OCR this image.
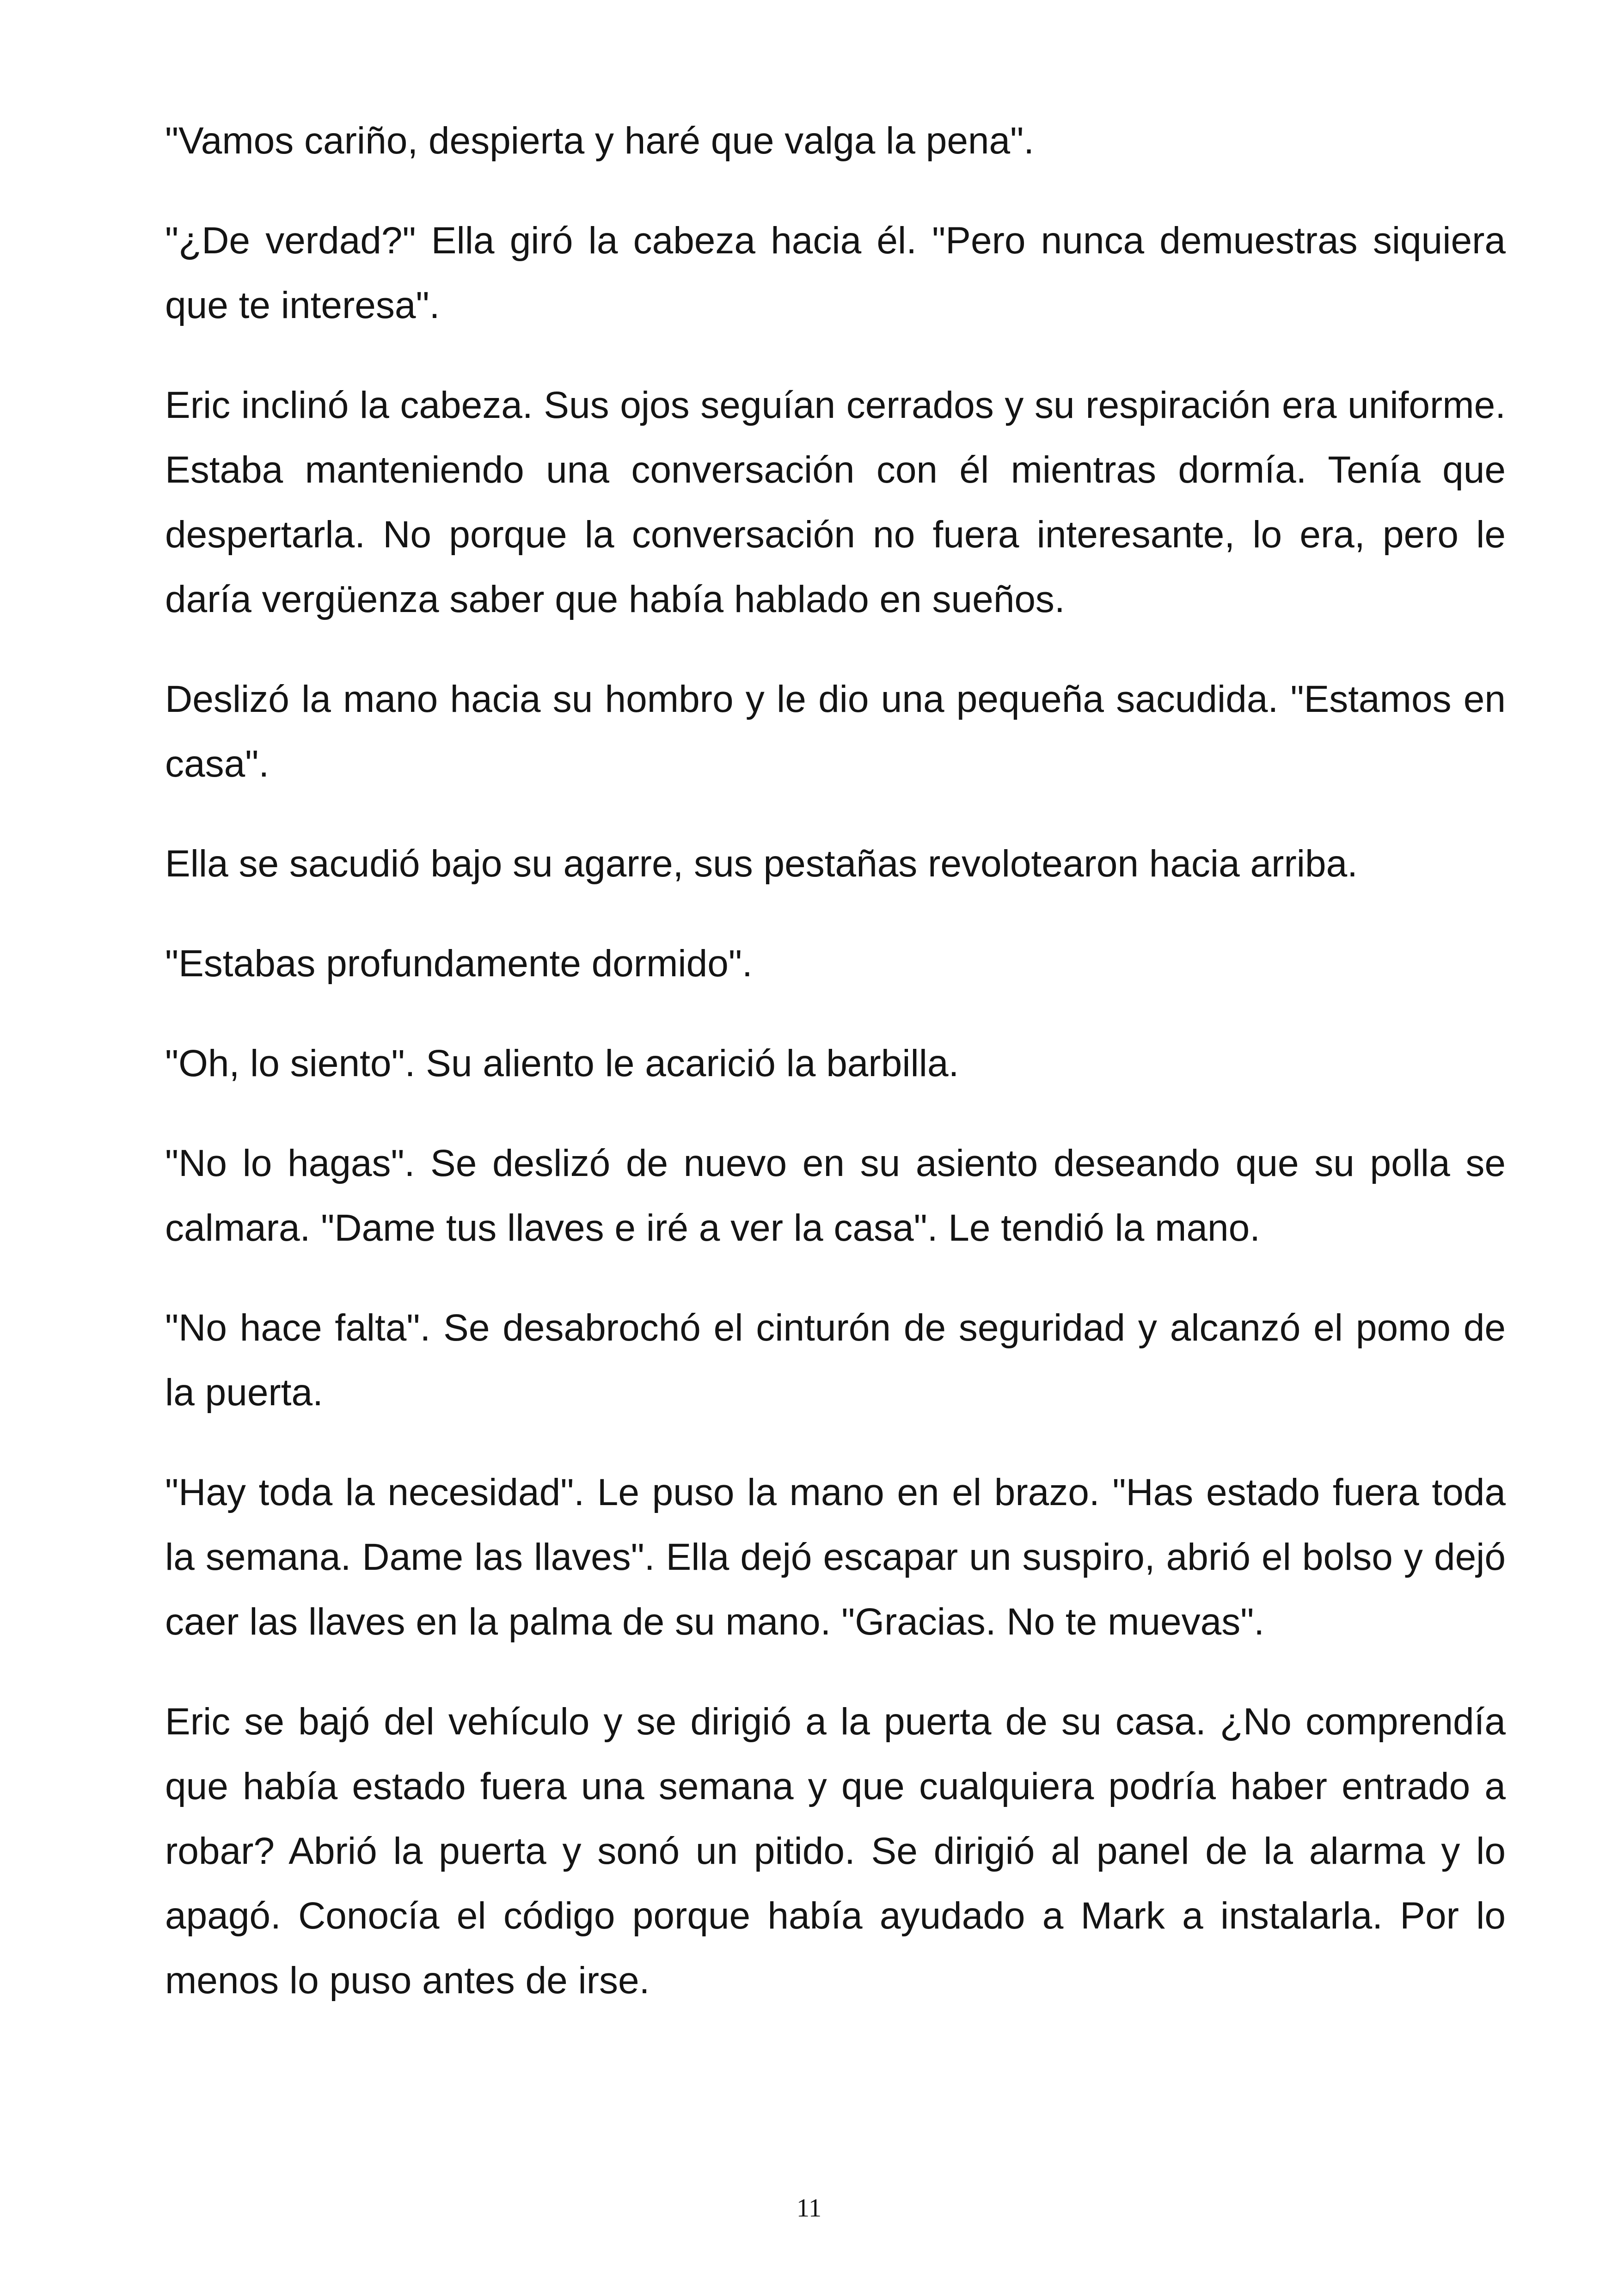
"Vamos cariño, despierta y haré que valga la pena".

"¿De verdad?" Ella giró la cabeza hacia él. "Pero nunca demuestras siquiera que te interesa".

Eric inclinó la cabeza. Sus ojos seguían cerrados y su respiración era uniforme. Estaba manteniendo una conversación con él mientras dormía. Tenía que despertarla. No porque la conversación no fuera interesante, lo era, pero le daría vergüenza saber que había hablado en sueños.

Deslizó la mano hacia su hombro y le dio una pequeña sacudida. "Estamos en casa".

Ella se sacudió bajo su agarre, sus pestañas revolotearon hacia arriba.

"Estabas profundamente dormido".

"Oh, lo siento". Su aliento le acarició la barbilla.

"No lo hagas". Se deslizó de nuevo en su asiento deseando que su polla se calmara. "Dame tus llaves e iré a ver la casa". Le tendió la mano.

"No hace falta". Se desabrochó el cinturón de seguridad y alcanzó el pomo de la puerta.

"Hay toda la necesidad". Le puso la mano en el brazo. "Has estado fuera toda la semana. Dame las llaves". Ella dejó escapar un suspiro, abrió el bolso y dejó caer las llaves en la palma de su mano. "Gracias. No te muevas".

Eric se bajó del vehículo y se dirigió a la puerta de su casa. ¿No comprendía que había estado fuera una semana y que cualquiera podría haber entrado a robar? Abrió la puerta y sonó un pitido. Se dirigió al panel de la alarma y lo apagó. Conocía el código porque había ayudado a Mark a instalarla. Por lo menos lo puso antes de irse.

11
